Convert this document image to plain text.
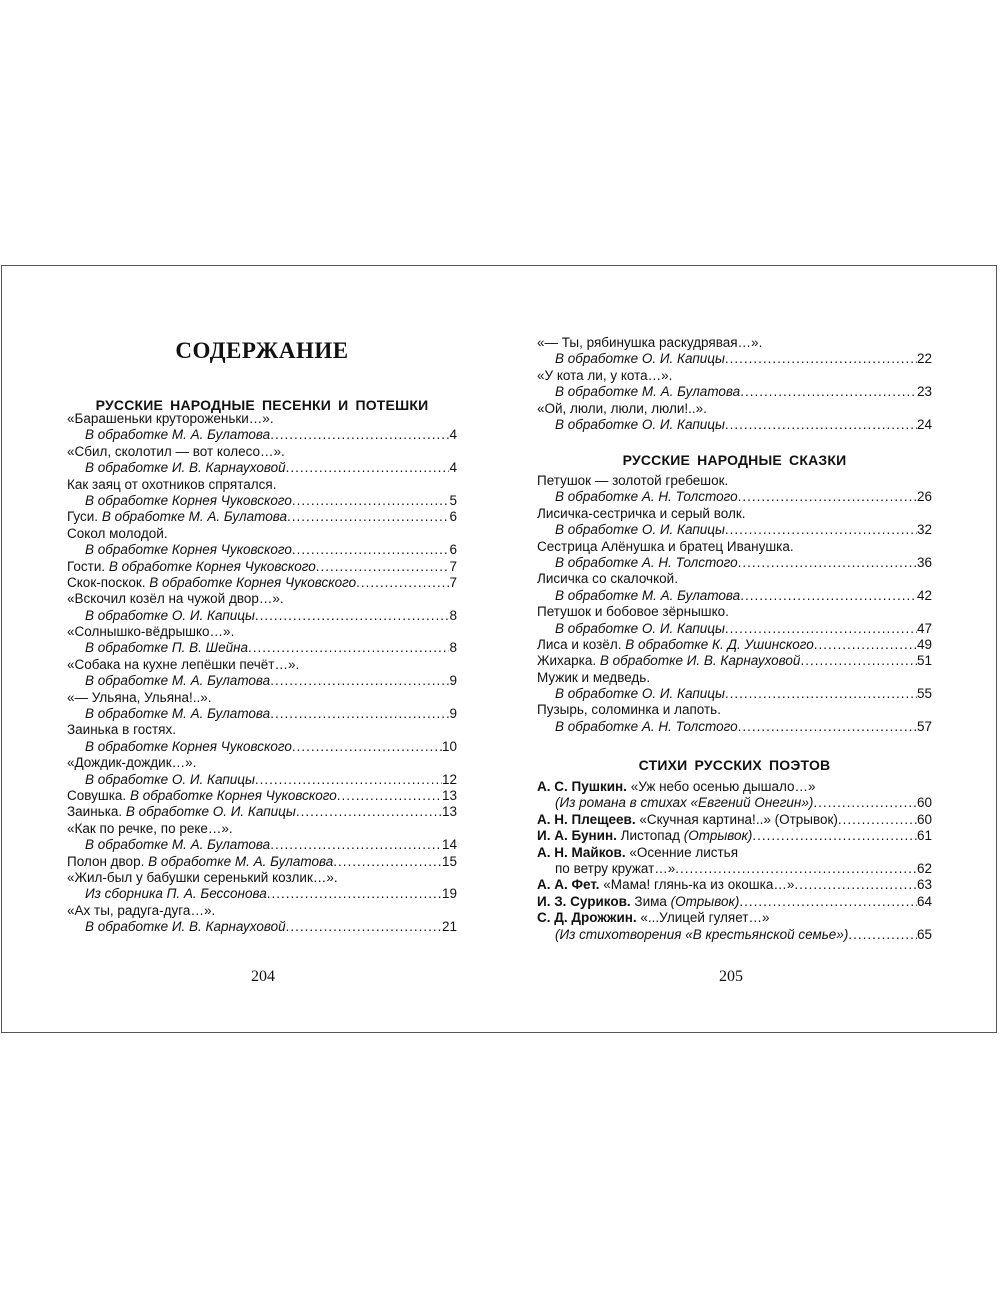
СОДЕРЖАНИЕ
РУССКИЕ НАРОДНЫЕ ПЕСЕНКИ И ПОТЕШКИ
«Барашеньки крутороженьки…».
В обработке М. А. Булатова .....	4
«Сбил, сколотил — вот колесо…».
В обработке И. В. Карнауховой .....	4
Как заяц от охотников спрятался.
В обработке Корнея Чуковского .....	5
Гуси. В обработке М. А. Булатова .....	6
Сокол молодой.
В обработке Корнея Чуковского .....	6
Гости. В обработке Корнея Чуковского .....	7
Скок-поскок. В обработке Корнея Чуковского .....	7
«Вскочил козёл на чужой двор…».
В обработке О. И. Капицы .....	8
«Солнышко-вёдрышко…».
В обработке П. В. Шейна .....	8
«Собака на кухне лепёшки печёт…».
В обработке М. А. Булатова .....	9
«— Ульяна, Ульяна!..».
В обработке М. А. Булатова .....	9
Заинька в гостях.
В обработке Корнея Чуковского .....	10
«Дождик-дождик…».
В обработке О. И. Капицы .....	12
Совушка. В обработке Корнея Чуковского .....	13
Заинька. В обработке О. И. Капицы .....	13
«Как по речке, по реке…».
В обработке М. А. Булатова .....	14
Полон двор. В обработке М. А. Булатова .....	15
«Жил-был у бабушки серенький козлик…».
Из сборника П. А. Бессонова .....	19
«Ах ты, радуга-дуга…».
В обработке И. В. Карнауховой .....	21
204
«— Ты, рябинушка раскудрявая…».
В обработке О. И. Капицы .....	22
«У кота ли, у кота…».
В обработке М. А. Булатова .....	23
«Ой, люли, люли, люли!..».
В обработке О. И. Капицы .....	24
РУССКИЕ НАРОДНЫЕ СКАЗКИ
Петушок — золотой гребешок.
В обработке А. Н. Толстого .....	26
Лисичка-сестричка и серый волк.
В обработке О. И. Капицы .....	32
Сестрица Алёнушка и братец Иванушка.
В обработке А. Н. Толстого .....	36
Лисичка со скалочкой.
В обработке М. А. Булатова .....	42
Петушок и бобовое зёрнышко.
В обработке О. И. Капицы .....	47
Лиса и козёл. В обработке К. Д. Ушинского .....	49
Жихарка. В обработке И. В. Карнауховой .....	51
Мужик и медведь.
В обработке О. И. Капицы .....	55
Пузырь, соломинка и лапоть.
В обработке А. Н. Толстого .....	57
СТИХИ РУССКИХ ПОЭТОВ
А. С. Пушкин. «Уж небо осенью дышало…»
(Из романа в стихах «Евгений Онегин») .....	60
А. Н. Плещеев. «Скучная картина!..» (Отрывок) .....	60
И. А. Бунин. Листопад (Отрывок) .....	61
А. Н. Майков. «Осенние листья
по ветру кружат…» .....	62
А. А. Фет. «Мама! глянь-ка из окошка…» .....	63
И. З. Суриков. Зима (Отрывок) .....	64
С. Д. Дрожжин. «...Улицей гуляет…»
(Из стихотворения «В крестьянской семье») .....	65
205
